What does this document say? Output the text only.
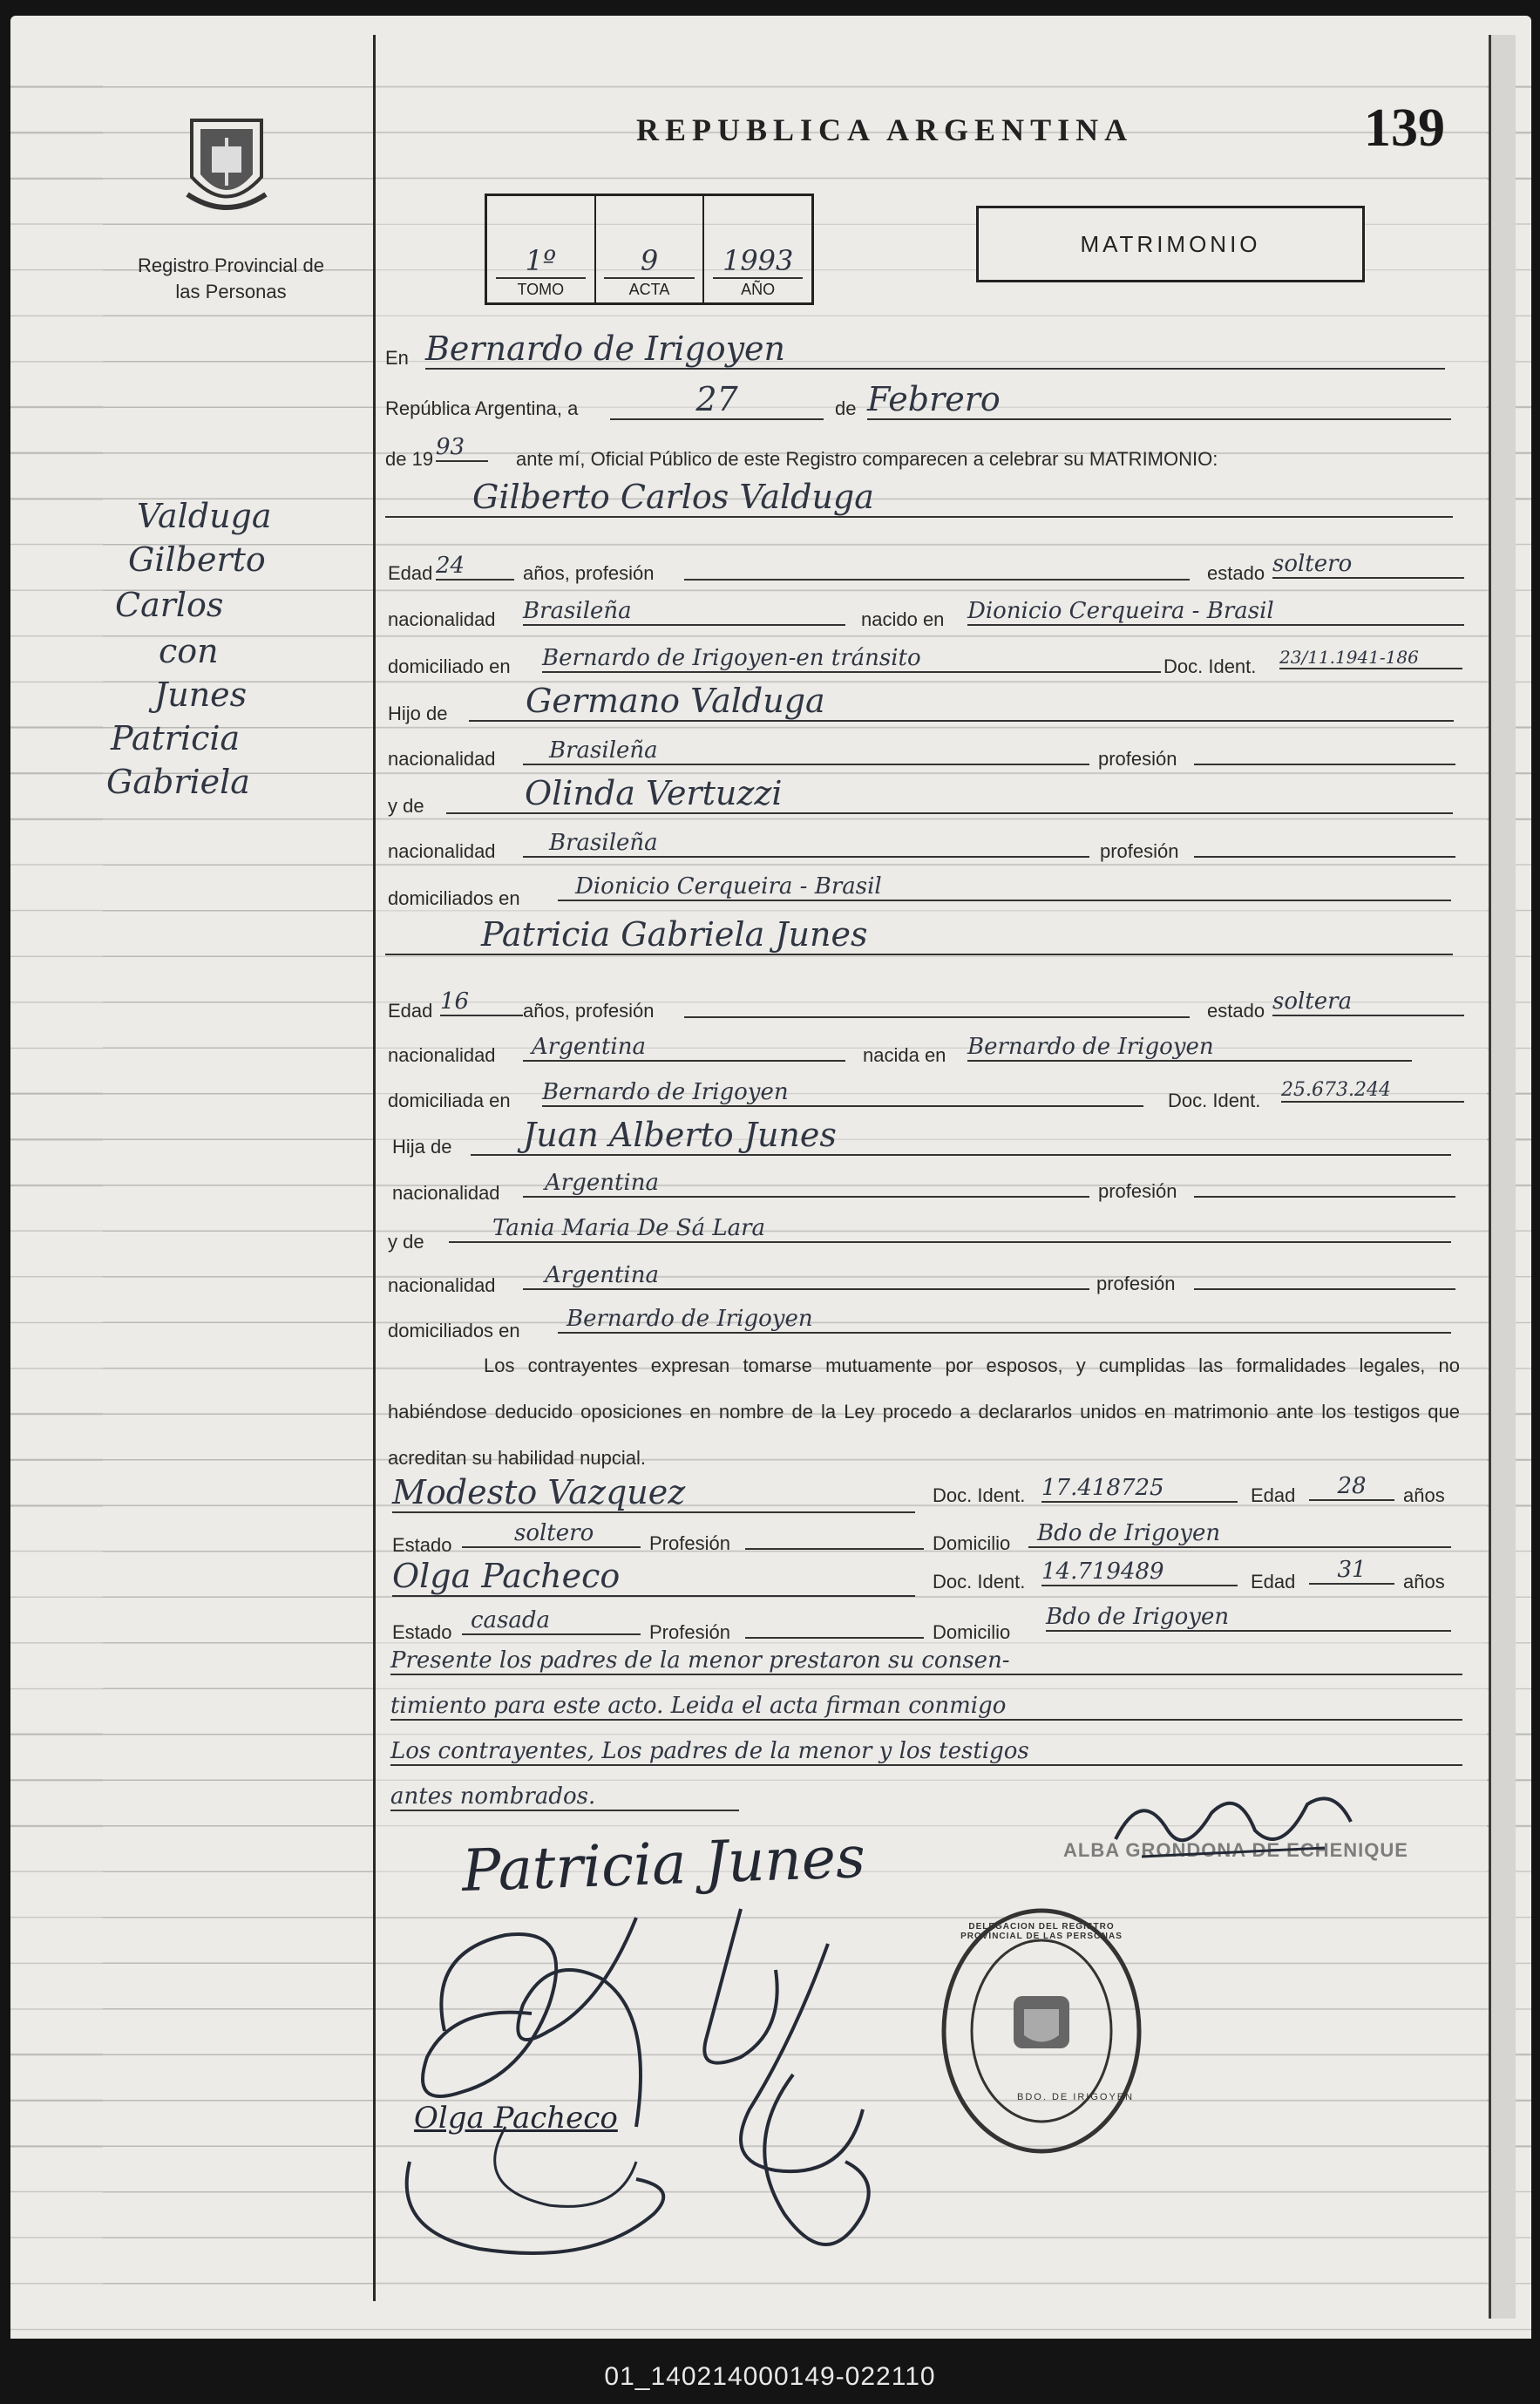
Registro Provincial de las Personas
REPUBLICA ARGENTINA	139
1º
TOMO
9
ACTA
1993
AÑO
MATRIMONIO
Valduga
Gilberto
Carlos
con
Junes
Patricia
Gabriela
En Bernardo de Irigoyen
República Argentina, a	27	de Febrero
de 19 93	ante mí, Oficial Público de este Registro comparecen a celebrar su MATRIMONIO:
Gilberto Carlos Valduga
Edad 24	años, profesión	estado soltero
nacionalidad Brasileña	nacido en Dionicio Cerqueira - Brasil
domiciliado en Bernardo de Irigoyen-en tránsito	Doc. Ident. 23/11.1941-186
Hijo de	Germano Valduga
nacionalidad	Brasileña	profesión
y de	Olinda Vertuzzi
nacionalidad	Brasileña	profesión
domiciliados en	Dionicio Cerqueira - Brasil
Patricia Gabriela Junes
Edad 16	años, profesión	estado soltera
nacionalidad	Argentina	nacida en Bernardo de Irigoyen
domiciliada en Bernardo de Irigoyen	Doc. Ident. 25.673.244
Hija de	Juan Alberto Junes
nacionalidad	Argentina	profesión
y de
Tania Maria De Sá Lara
nacionalidad	Argentina	profesión
domiciliados en	Bernardo de Irigoyen
Los contrayentes expresan tomarse mutuamente por esposos, y cumplidas las formalidades legales, no habiéndose deducido oposiciones en nombre de la Ley procedo a declararlos unidos en matrimonio ante los testigos que acreditan su habilidad nupcial.
Modesto Vazquez	Doc. Ident. 17.418725	Edad	28	años
Estado	soltero	Profesión	Domicilio	Bdo de Irigoyen
Olga Pacheco	Doc. Ident. 14.719489	Edad	31	años
Estado casada	Profesión	Domicilio
Bdo de Irigoyen
Presente los padres de la menor prestaron su consen-
timiento para este acto. Leida el acta firman conmigo
Los contrayentes, Los padres de la menor y los testigos
antes nombrados.
Patricia Junes
Olga Pacheco
ALBA GRONDONA DE ECHENIQUE
BDO. DE IRIGOYEN
DELEGACION DEL REGISTRO PROVINCIAL DE LAS PERSONAS
01_140214000149-022110
